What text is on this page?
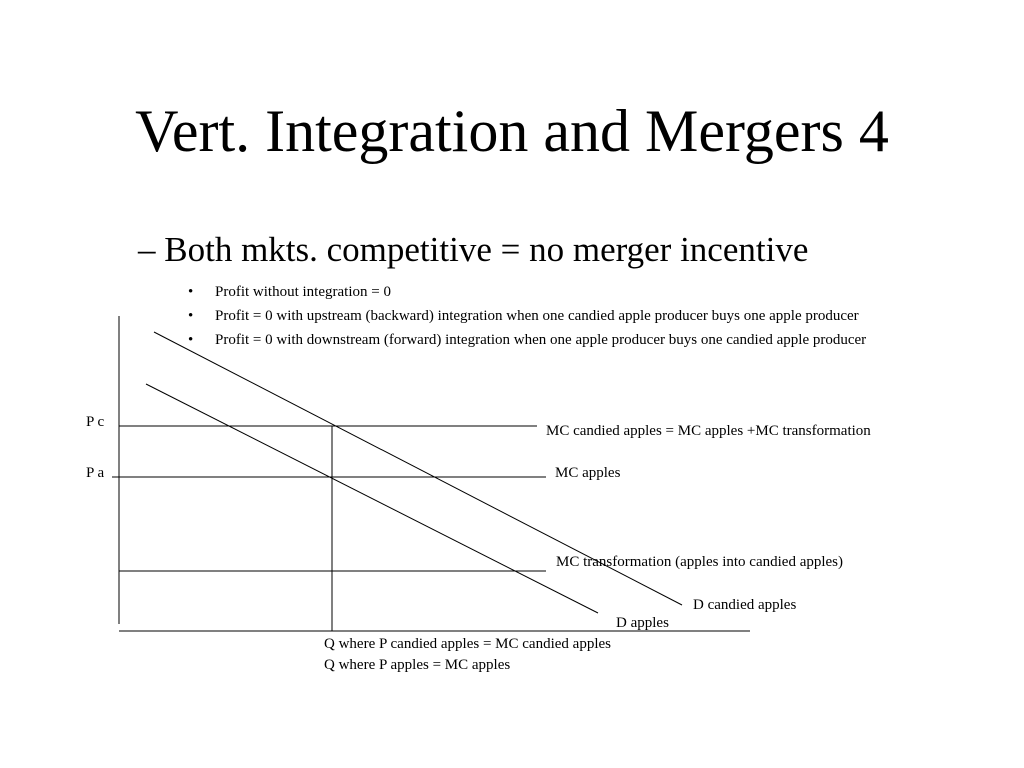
Vert. Integration and Mergers 4
– Both mkts. competitive = no merger incentive
• Profit without integration = 0
• Profit = 0 with upstream (backward) integration when one candied apple producer buys one apple producer
• Profit = 0 with downstream (forward) integration when one apple producer buys one candied apple producer
P c
P a
MC candied apples = MC apples +MC transformation
MC apples
MC transformation (apples into candied apples)
D candied apples
D apples
Q where P candied apples = MC candied apples
Q where P apples = MC apples
